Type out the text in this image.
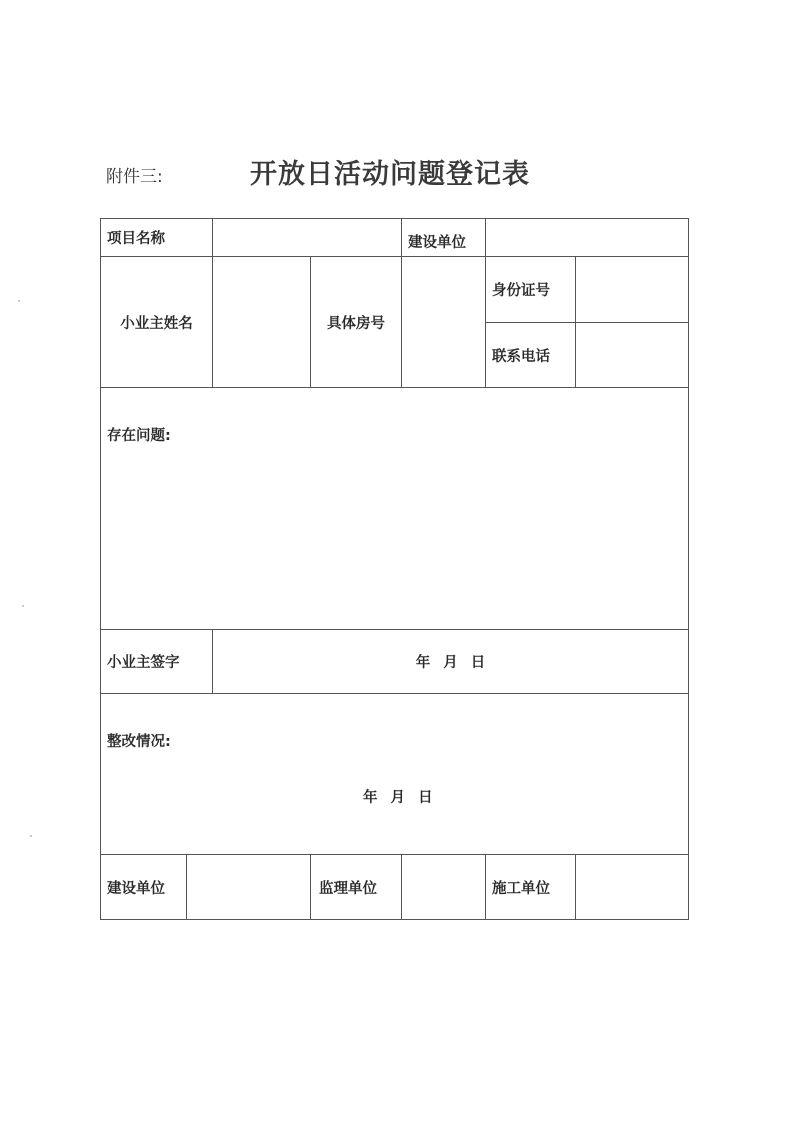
附件三:	开放日活动问题登记表
项目名称				建设单位		
小业主姓名			具体房号		身份证号	
					联系电话	
存在问题:						
小业主签字		年 月 日				

整改情况:
年 月 日						

建设单位			监理单位		施工单位	
